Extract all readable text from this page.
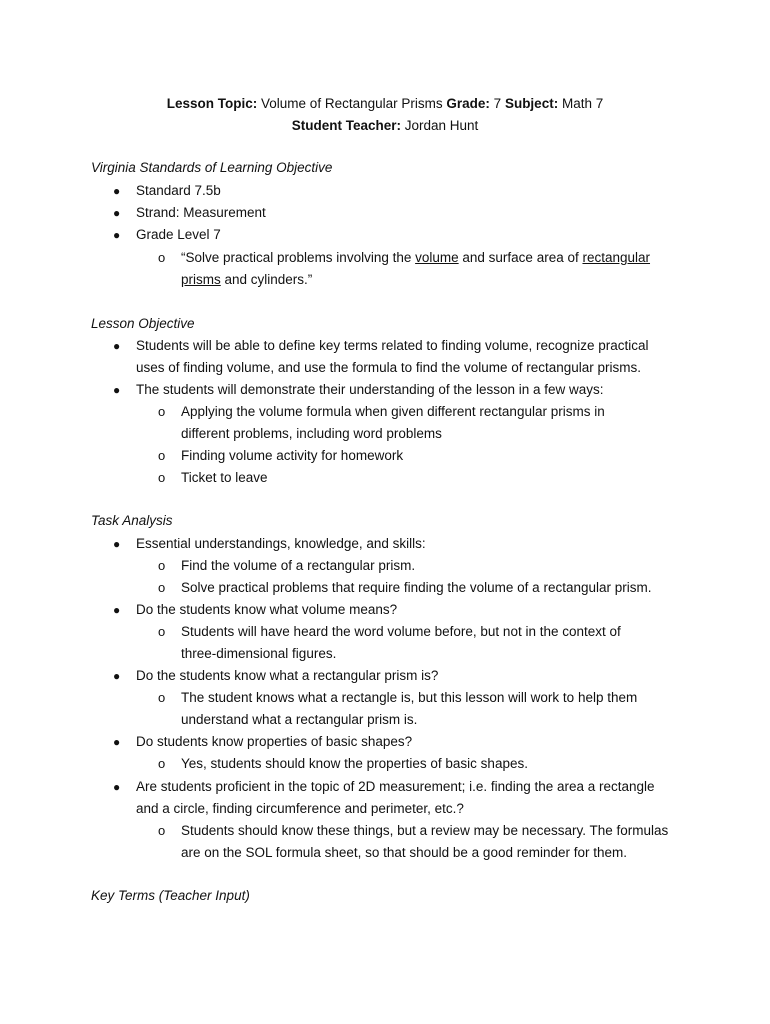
Lesson Topic: Volume of Rectangular Prisms Grade: 7 Subject: Math 7
Student Teacher: Jordan Hunt
Virginia Standards of Learning Objective
● Standard 7.5b
● Strand: Measurement
● Grade Level 7
o “Solve practical problems involving the volume and surface area of rectangular
prisms and cylinders.”
Lesson Objective
● Students will be able to define key terms related to finding volume, recognize practical
uses of finding volume, and use the formula to find the volume of rectangular prisms.
● The students will demonstrate their understanding of the lesson in a few ways:
o Applying the volume formula when given different rectangular prisms in
different problems, including word problems
o Finding volume activity for homework
o Ticket to leave
Task Analysis
● Essential understandings, knowledge, and skills:
o Find the volume of a rectangular prism.
o Solve practical problems that require finding the volume of a rectangular prism.
● Do the students know what volume means?
o Students will have heard the word volume before, but not in the context of
three-dimensional figures.
● Do the students know what a rectangular prism is?
o The student knows what a rectangle is, but this lesson will work to help them
understand what a rectangular prism is.
● Do students know properties of basic shapes?
o Yes, students should know the properties of basic shapes.
● Are students proficient in the topic of 2D measurement; i.e. finding the area a rectangle
and a circle, finding circumference and perimeter, etc.?
o Students should know these things, but a review may be necessary. The formulas
are on the SOL formula sheet, so that should be a good reminder for them.
Key Terms (Teacher Input)
